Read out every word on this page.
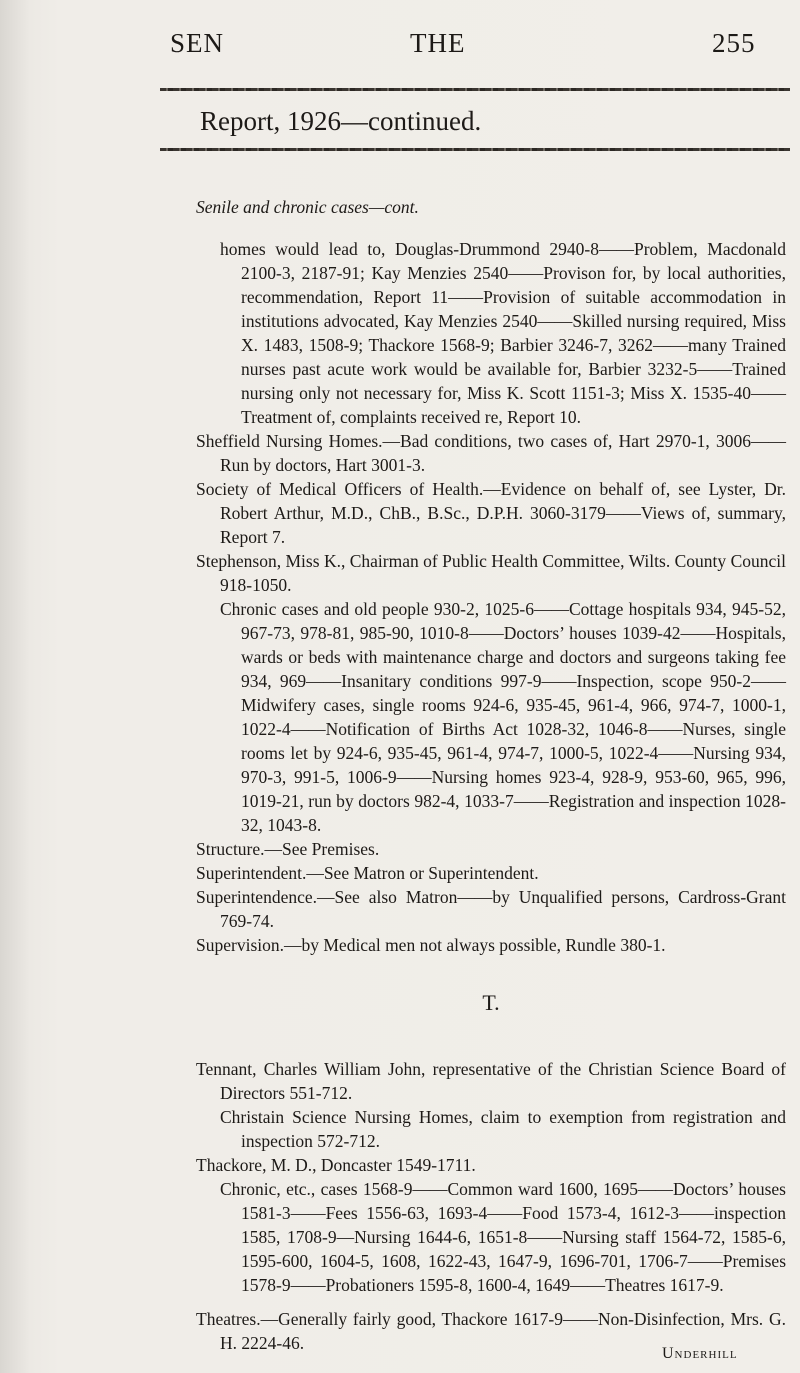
SEN	THE	255
Report, 1926—continued.
Senile and chronic cases—cont.
homes would lead to, Douglas-Drummond 2940-8——Problem, Macdonald 2100-3, 2187-91; Kay Menzies 2540——Provison for, by local authorities, recommendation, Report 11——Provision of suitable accommodation in institutions advocated, Kay Menzies 2540——Skilled nursing required, Miss X. 1483, 1508-9; Thackore 1568-9; Barbier 3246-7, 3262——many Trained nurses past acute work would be available for, Barbier 3232-5——Trained nursing only not necessary for, Miss K. Scott 1151-3; Miss X. 1535-40——Treatment of, complaints received re, Report 10.
Sheffield Nursing Homes.—Bad conditions, two cases of, Hart 2970-1, 3006——Run by doctors, Hart 3001-3.
Society of Medical Officers of Health.—Evidence on behalf of, see Lyster, Dr. Robert Arthur, M.D., ChB., B.Sc., D.P.H. 3060-3179——Views of, summary, Report 7.
Stephenson, Miss K., Chairman of Public Health Committee, Wilts. County Council 918-1050.
Chronic cases and old people 930-2, 1025-6——Cottage hospitals 934, 945-52, 967-73, 978-81, 985-90, 1010-8——Doctors’ houses 1039-42——Hospitals, wards or beds with maintenance charge and doctors and surgeons taking fee 934, 969——Insanitary conditions 997-9——Inspection, scope 950-2——Midwifery cases, single rooms 924-6, 935-45, 961-4, 966, 974-7, 1000-1, 1022-4——Notification of Births Act 1028-32, 1046-8——Nurses, single rooms let by 924-6, 935-45, 961-4, 974-7, 1000-5, 1022-4——Nursing 934, 970-3, 991-5, 1006-9——Nursing homes 923-4, 928-9, 953-60, 965, 996, 1019-21, run by doctors 982-4, 1033-7——Registration and inspection 1028-32, 1043-8.
Structure.—See Premises.
Superintendent.—See Matron or Superintendent.
Superintendence.—See also Matron——by Unqualified persons, Cardross-Grant 769-74.
Supervision.—by Medical men not always possible, Rundle 380-1.
T.
Tennant, Charles William John, representative of the Christian Science Board of Directors 551-712.
Christain Science Nursing Homes, claim to exemption from registration and inspection 572-712.
Thackore, M. D., Doncaster 1549-1711.
Chronic, etc., cases 1568-9——Common ward 1600, 1695——Doctors’ houses 1581-3——Fees 1556-63, 1693-4——Food 1573-4, 1612-3——inspection 1585, 1708-9—Nursing 1644-6, 1651-8——Nursing staff 1564-72, 1585-6, 1595-600, 1604-5, 1608, 1622-43, 1647-9, 1696-701, 1706-7——Premises 1578-9——Probationers 1595-8, 1600-4, 1649——Theatres 1617-9.
Theatres.—Generally fairly good, Thackore 1617-9——Non-Disinfection, Mrs. G. H. 2224-46.
Underhill
